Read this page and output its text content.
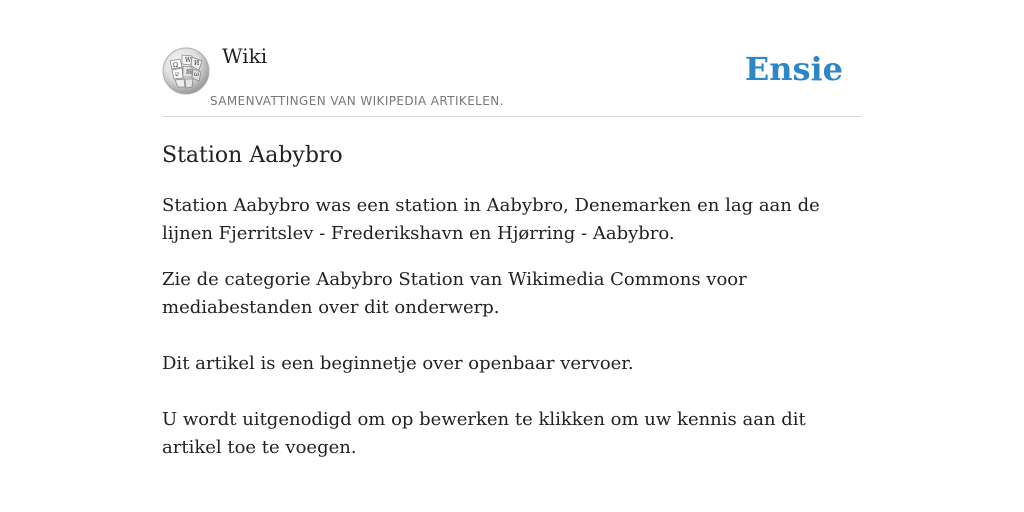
Ω
W И
ש 維 ω
Wiki
SAMENVATTINGEN VAN WIKIPEDIA ARTIKELEN.
Ensie
Station Aabybro

Station Aabybro was een station in Aabybro, Denemarken en lag aan de lijnen Fjerritslev - Frederikshavn en Hjørring - Aabybro.

Zie de categorie Aabybro Station van Wikimedia Commons voor mediabestanden over dit onderwerp.

Dit artikel is een beginnetje over openbaar vervoer.

U wordt uitgenodigd om op bewerken te klikken om uw kennis aan dit artikel toe te voegen.
